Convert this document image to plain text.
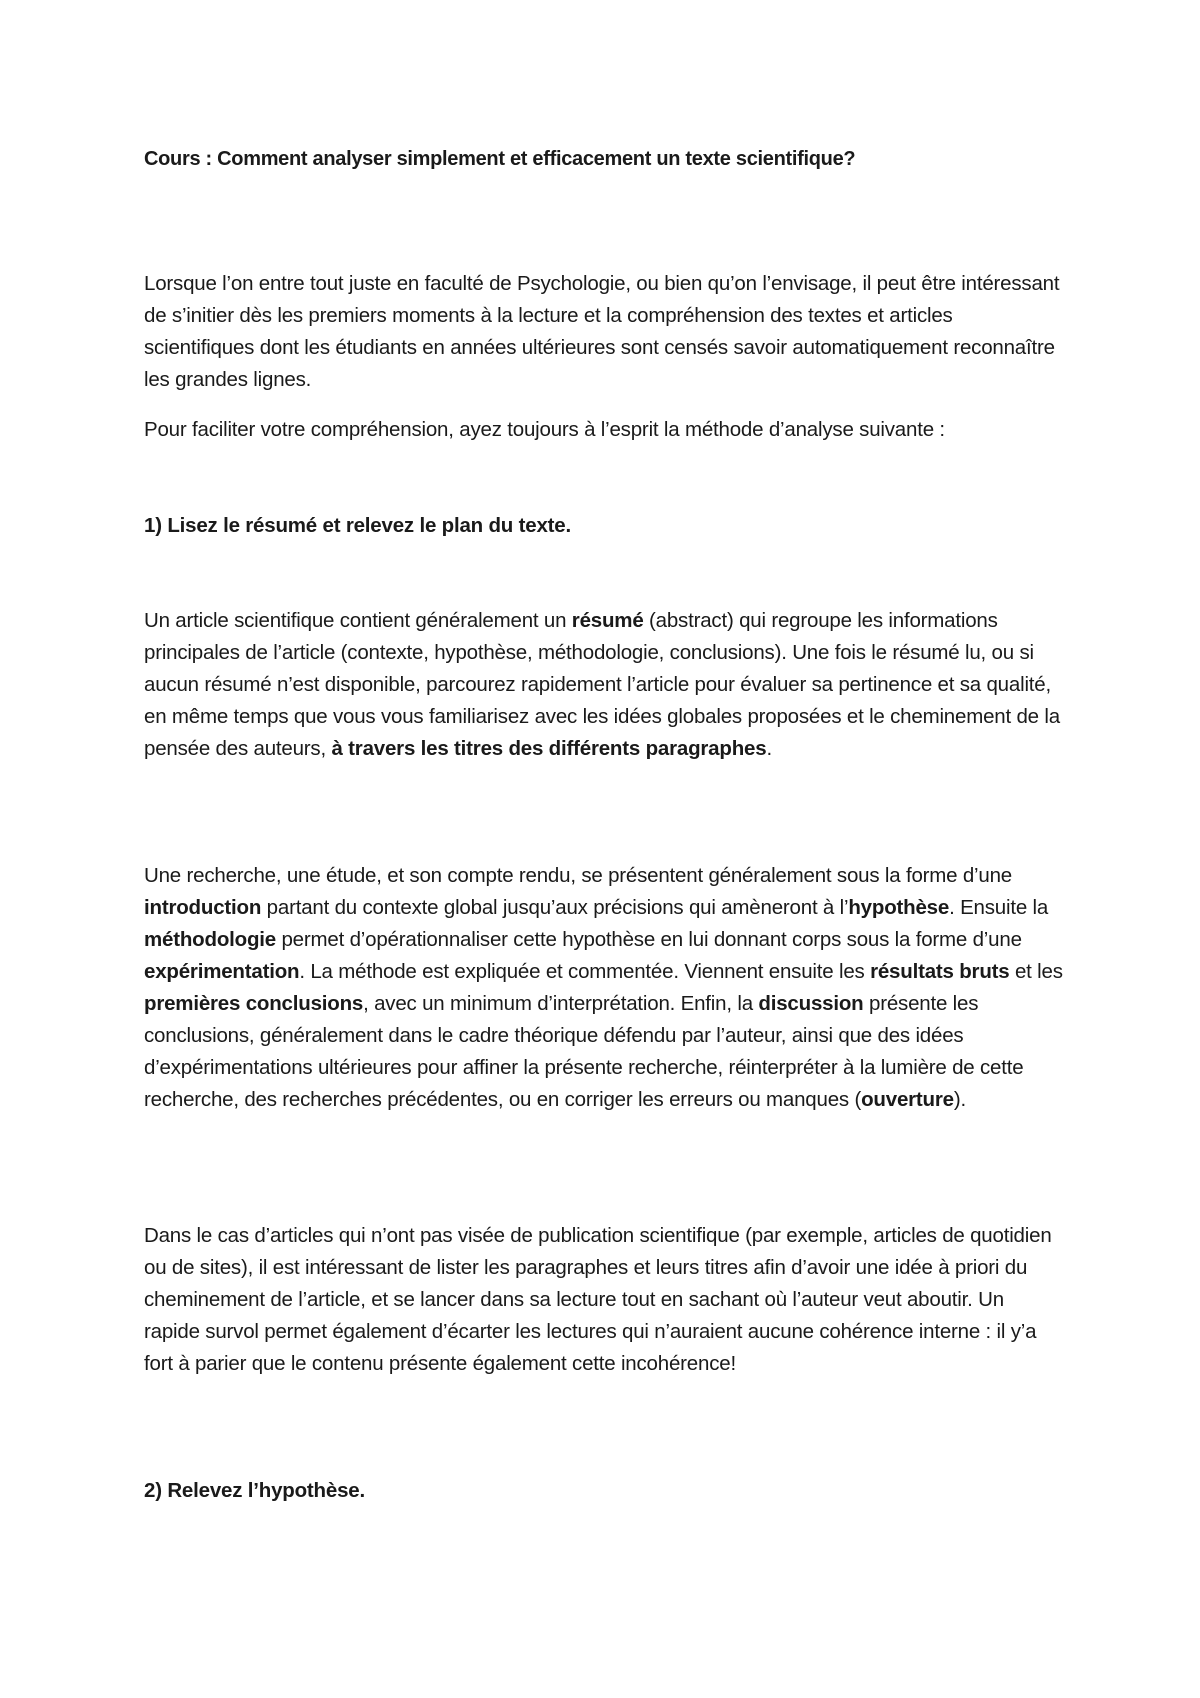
Cours : Comment analyser simplement et efficacement un texte scientifique?

Lorsque l’on entre tout juste en faculté de Psychologie, ou bien qu’on l’envisage, il peut être intéressant de s’initier dès les premiers moments à la lecture et la compréhension des textes et articles scientifiques dont les étudiants en années ultérieures sont censés savoir automatiquement reconnaître les grandes lignes.

Pour faciliter votre compréhension, ayez toujours à l’esprit la méthode d’analyse suivante :

1) Lisez le résumé et relevez le plan du texte.

Un article scientifique contient généralement un résumé (abstract) qui regroupe les informations principales de l’article (contexte, hypothèse, méthodologie, conclusions). Une fois le résumé lu, ou si aucun résumé n’est disponible, parcourez rapidement l’article pour évaluer sa pertinence et sa qualité, en même temps que vous vous familiarisez avec les idées globales proposées et le cheminement de la pensée des auteurs, à travers les titres des différents paragraphes.

Une recherche, une étude, et son compte rendu, se présentent généralement sous la forme d’une introduction partant du contexte global jusqu’aux précisions qui amèneront à l’hypothèse. Ensuite la méthodologie permet d’opérationnaliser cette hypothèse en lui donnant corps sous la forme d’une expérimentation. La méthode est expliquée et commentée. Viennent ensuite les résultats bruts et les premières conclusions, avec un minimum d’interprétation. Enfin, la discussion présente les conclusions, généralement dans le cadre théorique défendu par l’auteur, ainsi que des idées d’expérimentations ultérieures pour affiner la présente recherche, réinterpréter à la lumière de cette recherche, des recherches précédentes, ou en corriger les erreurs ou manques (ouverture).

Dans le cas d’articles qui n’ont pas visée de publication scientifique (par exemple, articles de quotidien ou de sites), il est intéressant de lister les paragraphes et leurs titres afin d’avoir une idée à priori du cheminement de l’article, et se lancer dans sa lecture tout en sachant où l’auteur veut aboutir. Un rapide survol permet également d’écarter les lectures qui n’auraient aucune cohérence interne : il y’a fort à parier que le contenu présente également cette incohérence!

2) Relevez l’hypothèse.
